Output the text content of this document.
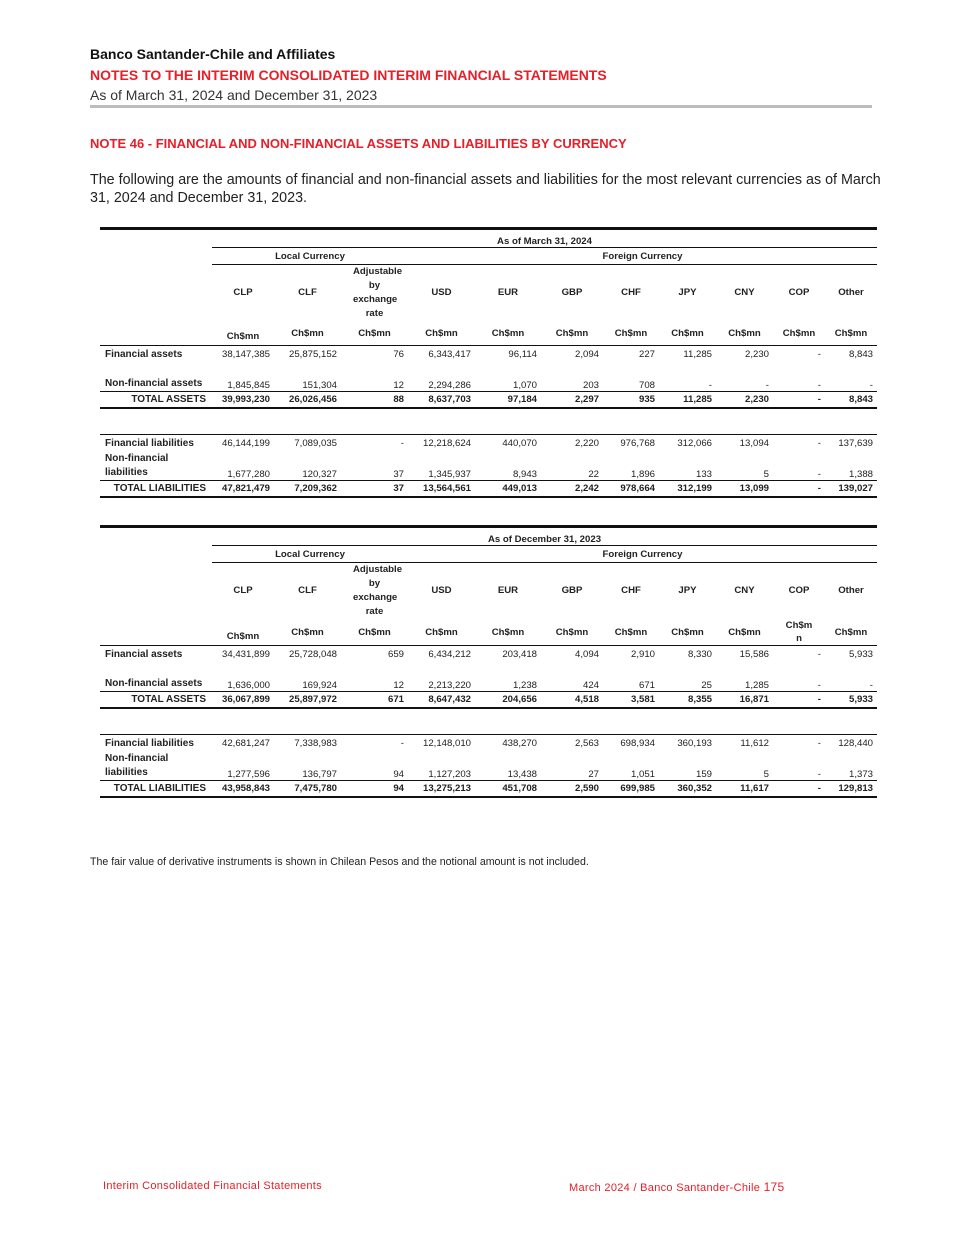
Banco Santander-Chile and Affiliates
NOTES TO THE INTERIM CONSOLIDATED INTERIM FINANCIAL STATEMENTS
As of March 31, 2024 and December 31, 2023
NOTE 46 - FINANCIAL AND NON-FINANCIAL ASSETS AND LIABILITIES BY CURRENCY
The following are the amounts of financial and non-financial assets and liabilities for the most relevant currencies as of March 31, 2024 and December 31, 2023.

	As of March 31, 2024										
	Local Currency			Foreign Currency							
	CLP	CLF	Adjustable by exchange rate	USD	EUR	GBP	CHF	JPY	CNY	COP	Other
	Ch$mn	Ch$mn	Ch$mn	Ch$mn	Ch$mn	Ch$mn	Ch$mn	Ch$mn	Ch$mn	Ch$mn	Ch$mn
Financial assets	38,147,385	25,875,152	76	6,343,417	96,114	2,094	227	11,285	2,230	-	8,843
Non-financial assets	1,845,845	151,304	12	2,294,286	1,070	203	708	-	-	-	-
TOTAL ASSETS	39,993,230	26,026,456	88	8,637,703	97,184	2,297	935	11,285	2,230	-	8,843

Financial liabilities	46,144,199	7,089,035	-	12,218,624	440,070	2,220	976,768	312,066	13,094	-	137,639
Non-financial liabilities	1,677,280	120,327	37	1,345,937	8,943	22	1,896	133	5	-	1,388
TOTAL LIABILITIES	47,821,479	7,209,362	37	13,564,561	449,013	2,242	978,664	312,199	13,099	-	139,027

	As of December 31, 2023										
	Local Currency			Foreign Currency							
	CLP	CLF	Adjustable by exchange rate	USD	EUR	GBP	CHF	JPY	CNY	COP	Other
	Ch$mn	Ch$mn	Ch$mn	Ch$mn	Ch$mn	Ch$mn	Ch$mn	Ch$mn	Ch$mn	Ch$mn	Ch$mn
Financial assets	34,431,899	25,728,048	659	6,434,212	203,418	4,094	2,910	8,330	15,586	-	5,933
Non-financial assets	1,636,000	169,924	12	2,213,220	1,238	424	671	25	1,285	-	-
TOTAL ASSETS	36,067,899	25,897,972	671	8,647,432	204,656	4,518	3,581	8,355	16,871	-	5,933

Financial liabilities	42,681,247	7,338,983	-	12,148,010	438,270	2,563	698,934	360,193	11,612	-	128,440
Non-financial liabilities	1,277,596	136,797	94	1,127,203	13,438	27	1,051	159	5	-	1,373
TOTAL LIABILITIES	43,958,843	7,475,780	94	13,275,213	451,708	2,590	699,985	360,352	11,617	-	129,813
The fair value of derivative instruments is shown in Chilean Pesos and the notional amount is not included.
Interim Consolidated Financial Statements	March 2024 / Banco Santander-Chile 175
